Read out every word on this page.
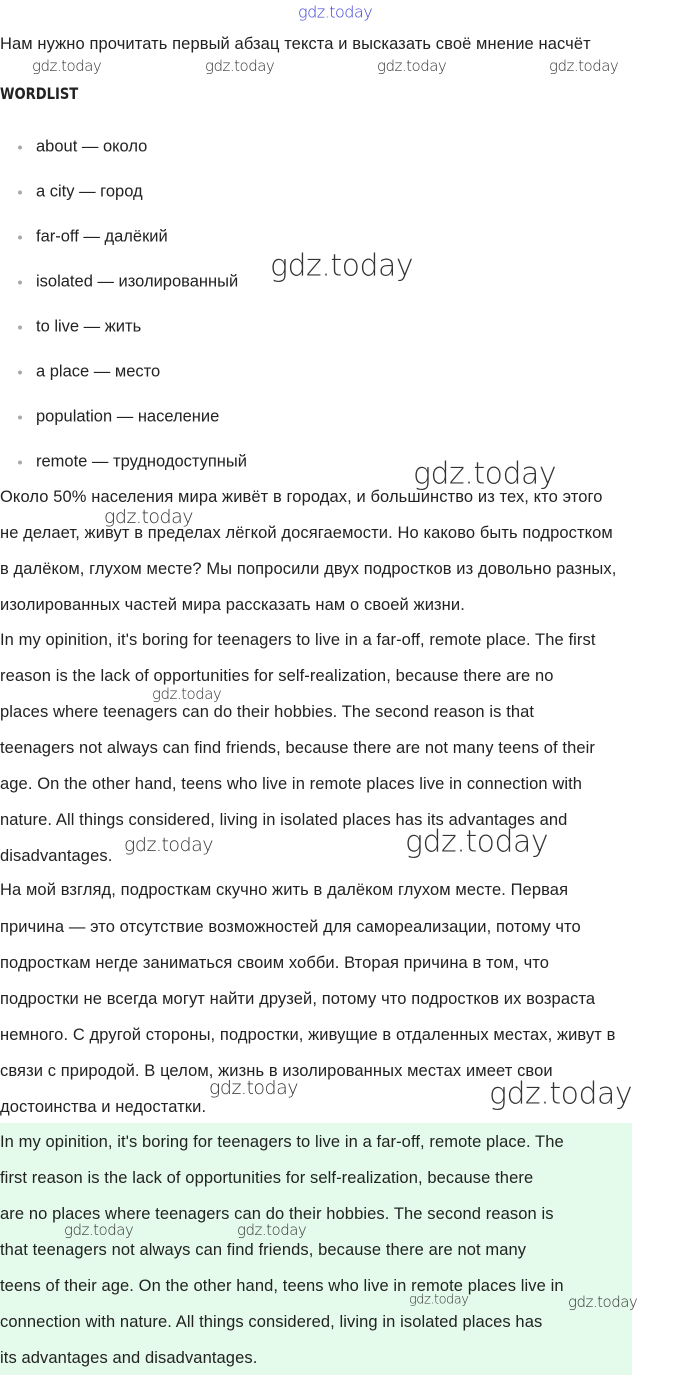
gdz.today
Нам нужно прочитать первый абзац текста и высказать своё мнение насчёт
gdz.today	gdz.today	gdz.today	gdz.today
WORDLIST
about — около
a city — город
far-off — далёкий
isolated — изолированный
to live — жить
a place — место
population — население
remote — труднодоступный
gdz.today
Около 50% населения мира живёт в городах, и большинство из тех, кто этого
не делает, живут в пределах лёгкой досягаемости. Но каково быть подростком
в далёком, глухом месте? Мы попросили двух подростков из довольно разных,
изолированных частей мира рассказать нам о своей жизни.
gdz.today
gdz.today
In my opinition, it's boring for teenagers to live in a far-off, remote place. The first
reason is the lack of opportunities for self-realization, because there are no
places where teenagers can do their hobbies. The second reason is that
teenagers not always can find friends, because there are not many teens of their
age. On the other hand, teens who live in remote places live in connection with
nature. All things considered, living in isolated places has its advantages and
disadvantages.
gdz.today
gdz.today	gdz.today
На мой взгляд, подросткам скучно жить в далёком глухом месте. Первая
причина — это отсутствие возможностей для самореализации, потому что
подросткам негде заниматься своим хобби. Вторая причина в том, что
подростки не всегда могут найти друзей, потому что подростков их возраста
немного. С другой стороны, подростки, живущие в отдаленных местах, живут в
связи с природой. В целом, жизнь в изолированных местах имеет свои
достоинства и недостатки.
gdz.today	gdz.today
In my opinition, it's boring for teenagers to live in a far-off, remote place. The
first reason is the lack of opportunities for self-realization, because there
are no places where teenagers can do their hobbies. The second reason is
that teenagers not always can find friends, because there are not many
teens of their age. On the other hand, teens who live in remote places live in
connection with nature. All things considered, living in isolated places has
its advantages and disadvantages.
gdz.today	gdz.today
gdz.today	gdz.today
